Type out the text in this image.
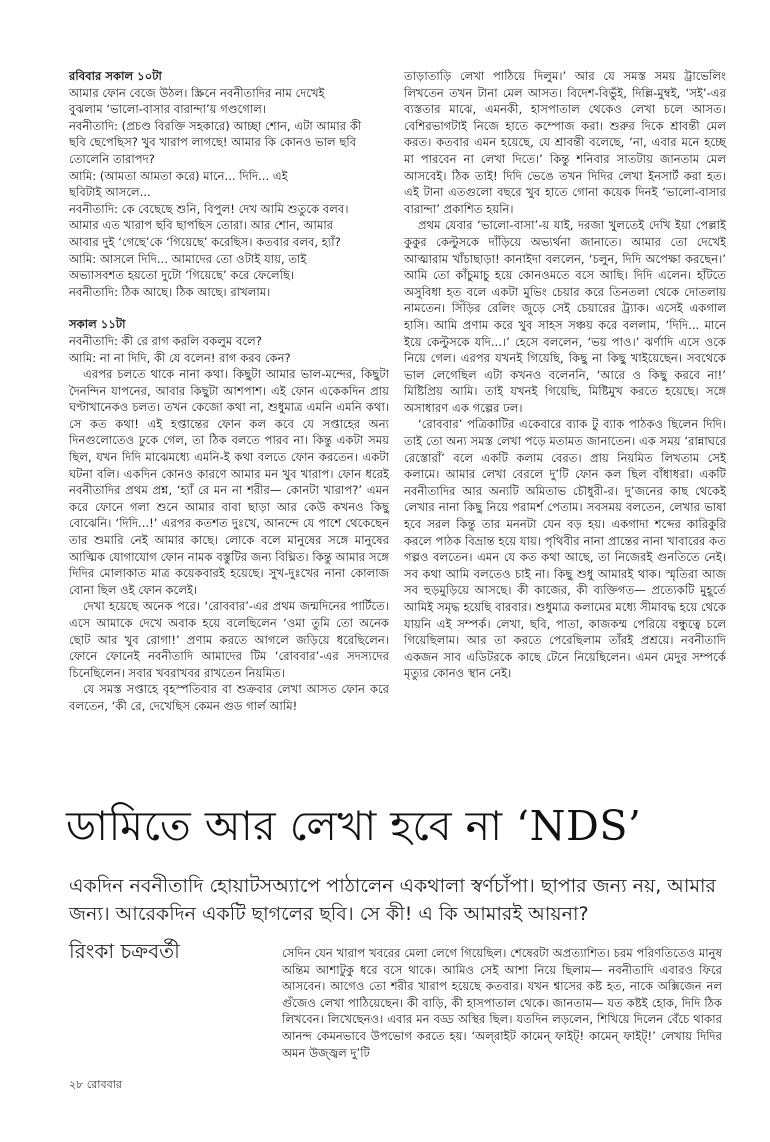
রবিবার সকাল ১০টা

আমার ফোন বেজে উঠল। স্ক্রিনে নবনীতাদির নাম দেখেই

বুঝলাম ‘ভালো-বাসার বারান্দা’য় গণ্ডগোল।

নবনীতাদি: (প্রচণ্ড বিরক্তি সহকারে) আচ্ছা শোন, এটা আমার কী

ছবি ছেপেছিস? খুব খারাপ লাগছে! আমার কি কোনও ভাল ছবি

তোলেনি তারাপদ?

আমি: (আমতা আমতা করে) মানে... দিদি... এই

ছবিটাই আসলে...

নবনীতাদি: কে বেছেছে শুনি, বিপুল! দেখ আমি শুতুকে বলব।

আমার এত খারাপ ছবি ছাপছিস তোরা। আর শোন, আমার

আবার দুই ‘গেছে’কে ‘গিয়েছে’ করেছিস। কতবার বলব, হ্যাঁ?

আমি: আসলে দিদি... আমাদের তো ওটাই যায়, তাই

অভ্যাসবশত হয়তো দুটো ‘গিয়েছে’ করে ফেলেছি।

নবনীতাদি: ঠিক আছে। ঠিক আছে। রাখলাম।

সকাল ১১টা

নবনীতাদি: কী রে রাগ করলি বকলুম বলে?

আমি: না না দিদি, কী যে বলেন! রাগ করব কেন?

এরপর চলতে থাকে নানা কথা। কিছুটা আমার ভাল-মন্দের, কিছুটা দৈনন্দিন যাপনের, আবার কিছুটা আশপাশ। এই ফোন একেকদিন প্রায় ঘণ্টাখানেকও চলত। তখন কেজো কথা না, শুধুমাত্র এমনি এমনি কথা। সে কত কথা! এই হপ্তান্তের ফোন কল কবে যে সপ্তাহের অন্য দিনগুলোতেও ঢুকে গেল, তা ঠিক বলতে পারব না। কিন্তু একটা সময় ছিল, যখন দিদি মাঝেমধ্যে এমনি-ই কথা বলতে ফোন করতেন। একটা ঘটনা বলি। একদিন কোনও কারণে আমার মন খুব খারাপ। ফোন ধরেই নবনীতাদির প্রথম প্রশ্ন, ‘হ্যাঁ রে মন না শরীর— কোনটা খারাপ?’ এমন করে ফোনে গলা শুনে আমার বাবা ছাড়া আর কেউ কখনও কিছু বোঝেনি। ‘দিদি...!’ এরপর কতশত দুঃখে, আনন্দে যে পাশে থেকেছেন তার শুমারি নেই আমার কাছে। লোকে বলে মানুষের সঙ্গে মানুষের আত্মিক যোগাযোগ ফোন নামক বস্তুটির জন্য বিঘ্নিত। কিন্তু আমার সঙ্গে দিদির মোলাকাত মাত্র কয়েকবারই হয়েছে। সুখ-দুঃখের নানা কোলাজ বোনা ছিল ওই ফোন কলেই।

দেখা হয়েছে অনেক পরে। ‘রোববার’-এর প্রথম জন্মদিনের পার্টিতে। এসে আমাকে দেখে অবাক হয়ে বলেছিলেন ‘ওমা তুমি তো অনেক ছোট আর খুব রোগা!’ প্রণাম করতে আগলে জড়িয়ে ধরেছিলেন। ফোনে ফোনেই নবনীতাদি আমাদের টিম ‘রোববার’-এর সদস্যদের চিনেছিলেন। সবার খবরাখবর রাখতেন নিয়মিত।

যে সমস্ত সপ্তাহে বৃহস্পতিবার বা শুক্রবার লেখা আসত ফোন করে বলতেন, ‘কী রে, দেখেছিস কেমন গুড গার্ল আমি!

তাড়াতাড়ি লেখা পাঠিয়ে দিলুম।’ আর যে সমস্ত সময় ট্রাভেলিং লিখতেন তখন টানা মেল আসত। বিদেশ-বিভুঁই, দিল্লি-মুম্বই, ‘সই’-এর ব্যস্ততার মাঝে, এমনকী, হাসপাতাল থেকেও লেখা চলে আসত। বেশিরভাগটাই নিজে হাতে কম্পোজ করা। শুরুর দিকে শ্রাবন্তী মেল করত। কতবার এমন হয়েছে, যে শ্রাবন্তী বলেছে, ‘না, এবার মনে হচ্ছে মা পারবেন না লেখা দিতে।’ কিন্তু শনিবার সাতটায় জানতাম মেল আসবেই। ঠিক তাই! দিদি ভেঙে তখন দিদির লেখা ইনসার্ট করা হত। এই টানা এতগুলো বছরে খুব হাতে গোনা কয়েক দিনই ‘ভালো-বাসার বারান্দা’ প্রকাশিত হয়নি।

প্রথম যেবার ‘ভালো-বাসা’-য় যাই, দরজা খুলতেই দেখি ইয়া পেল্লাই কুকুর কেল্টুসকে দাঁড়িয়ে অভ্যর্থনা জানাতে। আমার তো দেখেই আত্মারাম খাঁচাছাড়া! কানাইদা বললেন, ‘চলুন, দিদি অপেক্ষা করছেন।’ আমি তো কাঁচুমাচু হয়ে কোনওমতে বসে আছি। দিদি এলেন। হাঁটতে অসুবিধা হত বলে একটা মুভিং চেয়ার করে তিনতলা থেকে দোতলায় নামতেন। সিঁড়ির রেলিং জুড়ে সেই চেয়ারের ট্র্যাক। এসেই একগাল হাসি। আমি প্রণাম করে খুব সাহস সঞ্চয় করে বললাম, ‘দিদি... মানে ইয়ে কেল্টুসকে যদি...।’ হেসে বললেন, ‘ভয় পাও।’ ঝর্ণাদি এসে ওকে নিয়ে গেল। এরপর যখনই গিয়েছি, কিছু না কিছু খাইয়েছেন। সবথেকে ভাল লেগেছিল এটা কখনও বলেননি, ‘আরে ও কিছু করবে না!’ মিষ্টিপ্রিয় আমি। তাই যখনই গিয়েছি, মিষ্টিমুখ করতে হয়েছে। সঙ্গে অসাধারণ এক গল্পের ঢল।

‘রোববার’ পত্রিকাটির একেবারে ব্যাক টু ব্যাক পাঠকও ছিলেন দিদি। তাই তো অন্য সমস্ত লেখা পড়ে মতামত জানাতেন। এক সময় ‘রান্নাঘরে রেস্তোরাঁ’ বলে একটি কলাম বেরত। প্রায় নিয়মিত লিখতাম সেই কলামে। আমার লেখা বেরলে দু’টি ফোন কল ছিল বাঁধাধরা। একটি নবনীতাদির আর অন্যটি অমিতাভ চৌধুরী-র। দু’জনের কাছ থেকেই লেখার নানা কিছু নিয়ে পরামর্শ পেতাম। সবসময় বলতেন, লেখার ভাষা হবে সরল কিন্তু তার মননটা যেন বড় হয়। একগাদা শব্দের কারিকুরি করলে পাঠক বিভ্রান্ত হয়ে যায়। পৃথিবীর নানা প্রান্তের নানা খাবারের কত গল্পও বলতেন। এমন যে কত কথা আছে, তা নিজেরই গুনতিতে নেই। সব কথা আমি বলতেও চাই না। কিছু শুধু আমারই থাক। স্মৃতিরা আজ সব হুড়মুড়িয়ে আসছে। কী কাজের, কী ব্যক্তিগত— প্রত্যেকটি মুহূর্তে আমিই সমৃদ্ধ হয়েছি বারবার। শুধুমাত্র কলামের মধ্যে সীমাবদ্ধ হয়ে থেকে যায়নি এই সম্পর্ক। লেখা, ছবি, পাতা, কাজকম্ম পেরিয়ে বন্ধুত্বে চলে গিয়েছিলাম। আর তা করতে পেরেছিলাম তাঁরই প্রশ্রয়ে। নবনীতাদি একজন সাব এডিটরকে কাছে টেনে নিয়েছিলেন। এমন মেদুর সম্পর্কে মৃত্যুর কোনও স্থান নেই।

ডামিতে আর লেখা হবে না ‘NDS’
একদিন নবনীতাদি হোয়াটসঅ্যাপে পাঠালেন একথালা স্বর্ণচাঁপা। ছাপার জন্য নয়, আমার জন্য। আরেকদিন একটি ছাগলের ছবি। সে কী! এ কি আমারই আয়না?
রিংকা চক্রবর্তী	সেদিন যেন খারাপ খবরের মেলা লেগে গিয়েছিল। শেষেরটা অপ্রত্যাশিত। চরম পরিণতিতেও মানুষ অন্তিম আশাটুকু ধরে বসে থাকে। আমিও সেই আশা নিয়ে ছিলাম— নবনীতাদি এবারও ফিরে আসবেন। আগেও তো শরীর খারাপ হয়েছে কতবার। যখন শ্বাসের কষ্ট হত, নাকে অক্সিজেন নল গুঁজেও লেখা পাঠিয়েছেন। কী বাড়ি, কী হাসপাতাল থেকে। জানতাম— যত কষ্টই হোক, দিদি ঠিক লিখবেন। লিখেছেনও। এবার মন বড্ড অস্থির ছিল। যতদিন লড়লেন, শিখিয়ে দিলেন বেঁচে থাকার আনন্দ কেমনভাবে উপভোগ করতে হয়। ‘অল্‌রাইট কামেন্ ফাইট্! কামেন্ ফাইট্!’ লেখায় দিদির অমন উজ্জ্বল দু’টি

২৮ রোববার
